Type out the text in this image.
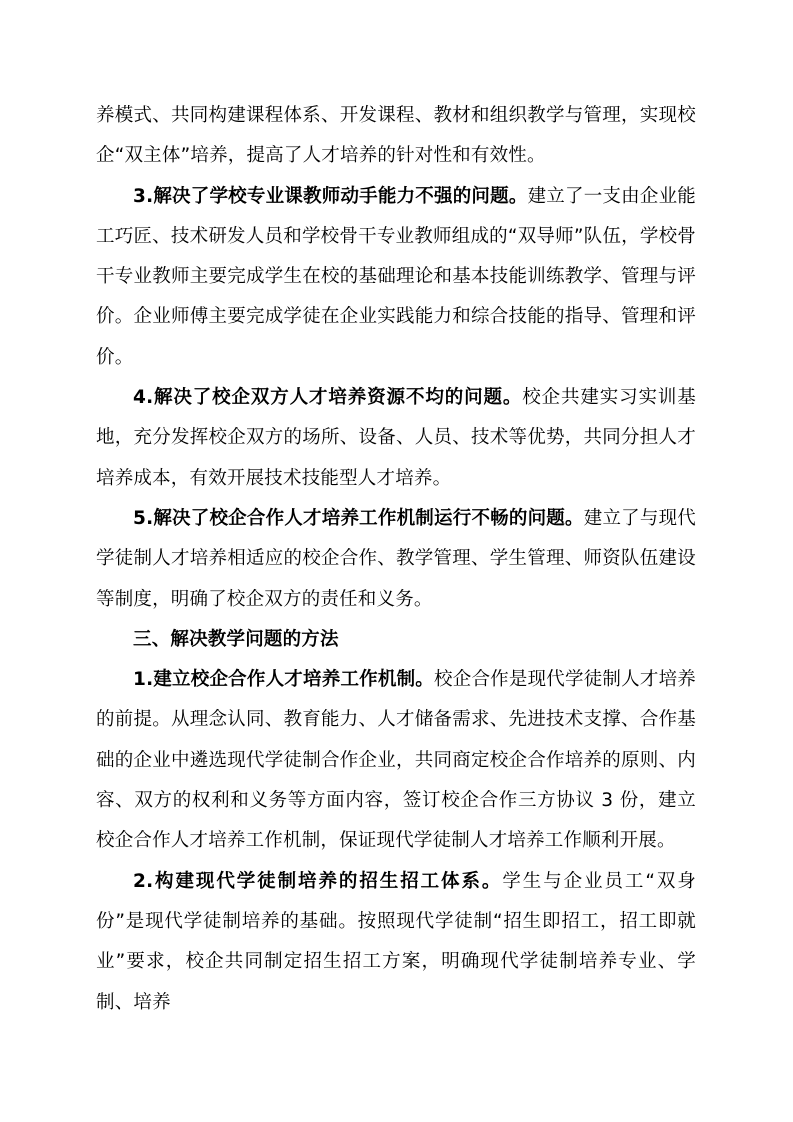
养模式、共同构建课程体系、开发课程、教材和组织教学与管理，实现校企“双主体”培养，提高了人才培养的针对性和有效性。

3.解决了学校专业课教师动手能力不强的问题。建立了一支由企业能工巧匠、技术研发人员和学校骨干专业教师组成的“双导师”队伍，学校骨干专业教师主要完成学生在校的基础理论和基本技能训练教学、管理与评价。企业师傅主要完成学徒在企业实践能力和综合技能的指导、管理和评价。

4.解决了校企双方人才培养资源不均的问题。校企共建实习实训基地，充分发挥校企双方的场所、设备、人员、技术等优势，共同分担人才培养成本，有效开展技术技能型人才培养。

5.解决了校企合作人才培养工作机制运行不畅的问题。建立了与现代学徒制人才培养相适应的校企合作、教学管理、学生管理、师资队伍建设等制度，明确了校企双方的责任和义务。

三、解决教学问题的方法

1.建立校企合作人才培养工作机制。校企合作是现代学徒制人才培养的前提。从理念认同、教育能力、人才储备需求、先进技术支撑、合作基础的企业中遴选现代学徒制合作企业，共同商定校企合作培养的原则、内容、双方的权利和义务等方面内容，签订校企合作三方协议 3 份，建立校企合作人才培养工作机制，保证现代学徒制人才培养工作顺利开展。

2.构建现代学徒制培养的招生招工体系。学生与企业员工“双身份”是现代学徒制培养的基础。按照现代学徒制“招生即招工，招工即就业”要求，校企共同制定招生招工方案，明确现代学徒制培养专业、学制、培养
